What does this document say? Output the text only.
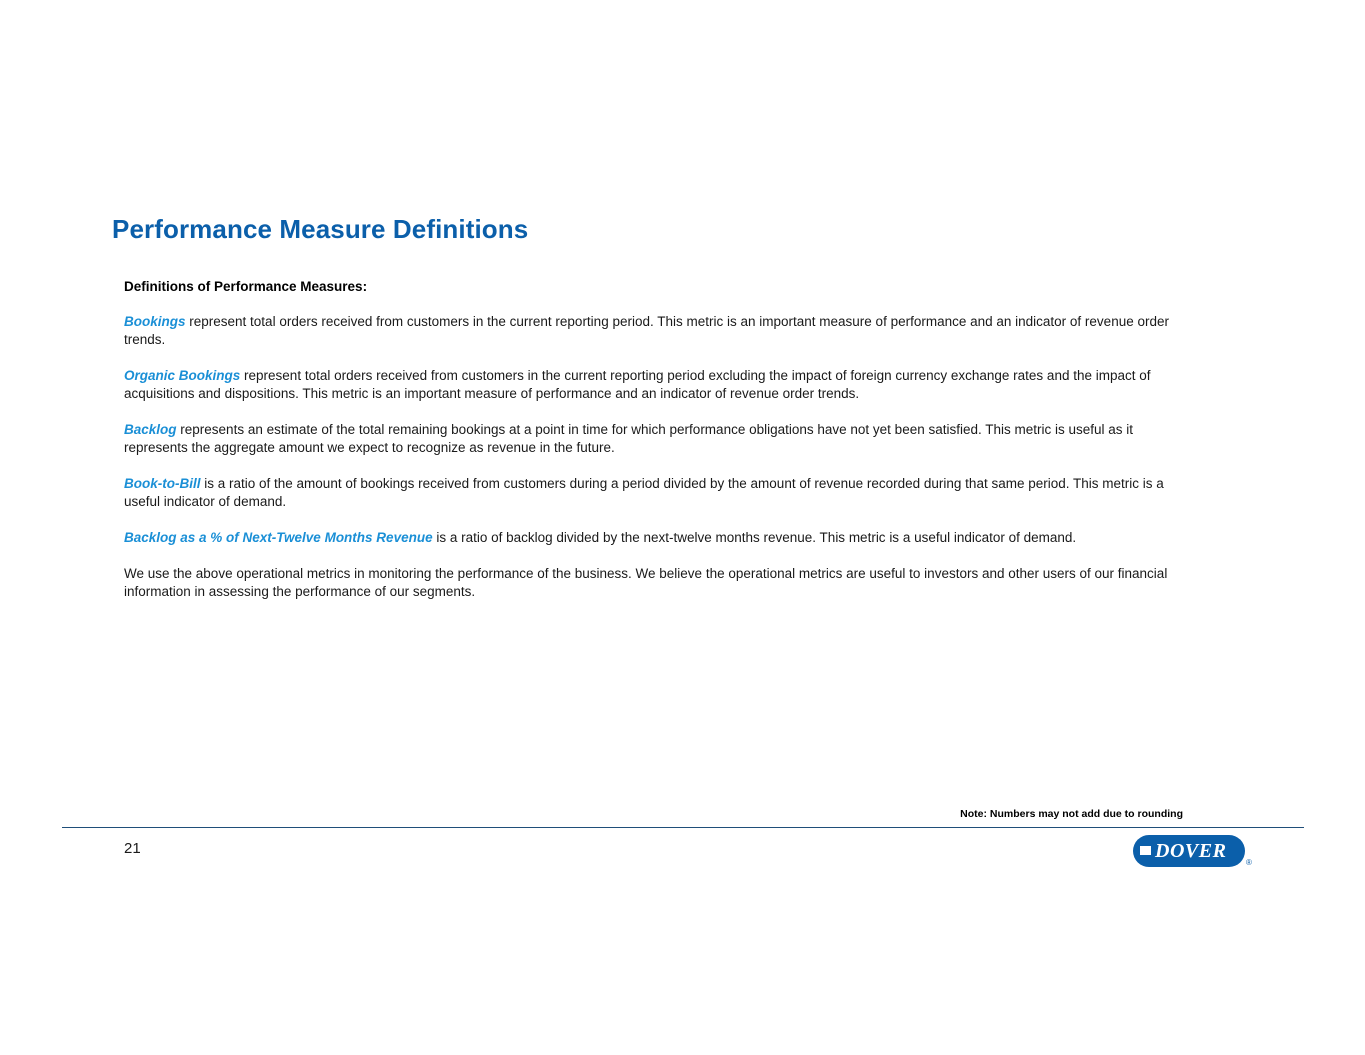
Performance Measure Definitions
Definitions of Performance Measures:

Bookings represent total orders received from customers in the current reporting period. This metric is an important measure of performance and an indicator of revenue order trends.

Organic Bookings represent total orders received from customers in the current reporting period excluding the impact of foreign currency exchange rates and the impact of acquisitions and dispositions. This metric is an important measure of performance and an indicator of revenue order trends.

Backlog represents an estimate of the total remaining bookings at a point in time for which performance obligations have not yet been satisfied. This metric is useful as it represents the aggregate amount we expect to recognize as revenue in the future.

Book-to-Bill is a ratio of the amount of bookings received from customers during a period divided by the amount of revenue recorded during that same period. This metric is a useful indicator of demand.

Backlog as a % of Next-Twelve Months Revenue is a ratio of backlog divided by the next-twelve months revenue. This metric is a useful indicator of demand.

We use the above operational metrics in monitoring the performance of the business. We believe the operational metrics are useful to investors and other users of our financial information in assessing the performance of our segments.

Note: Numbers may not add due to rounding
21	DOVER
®
